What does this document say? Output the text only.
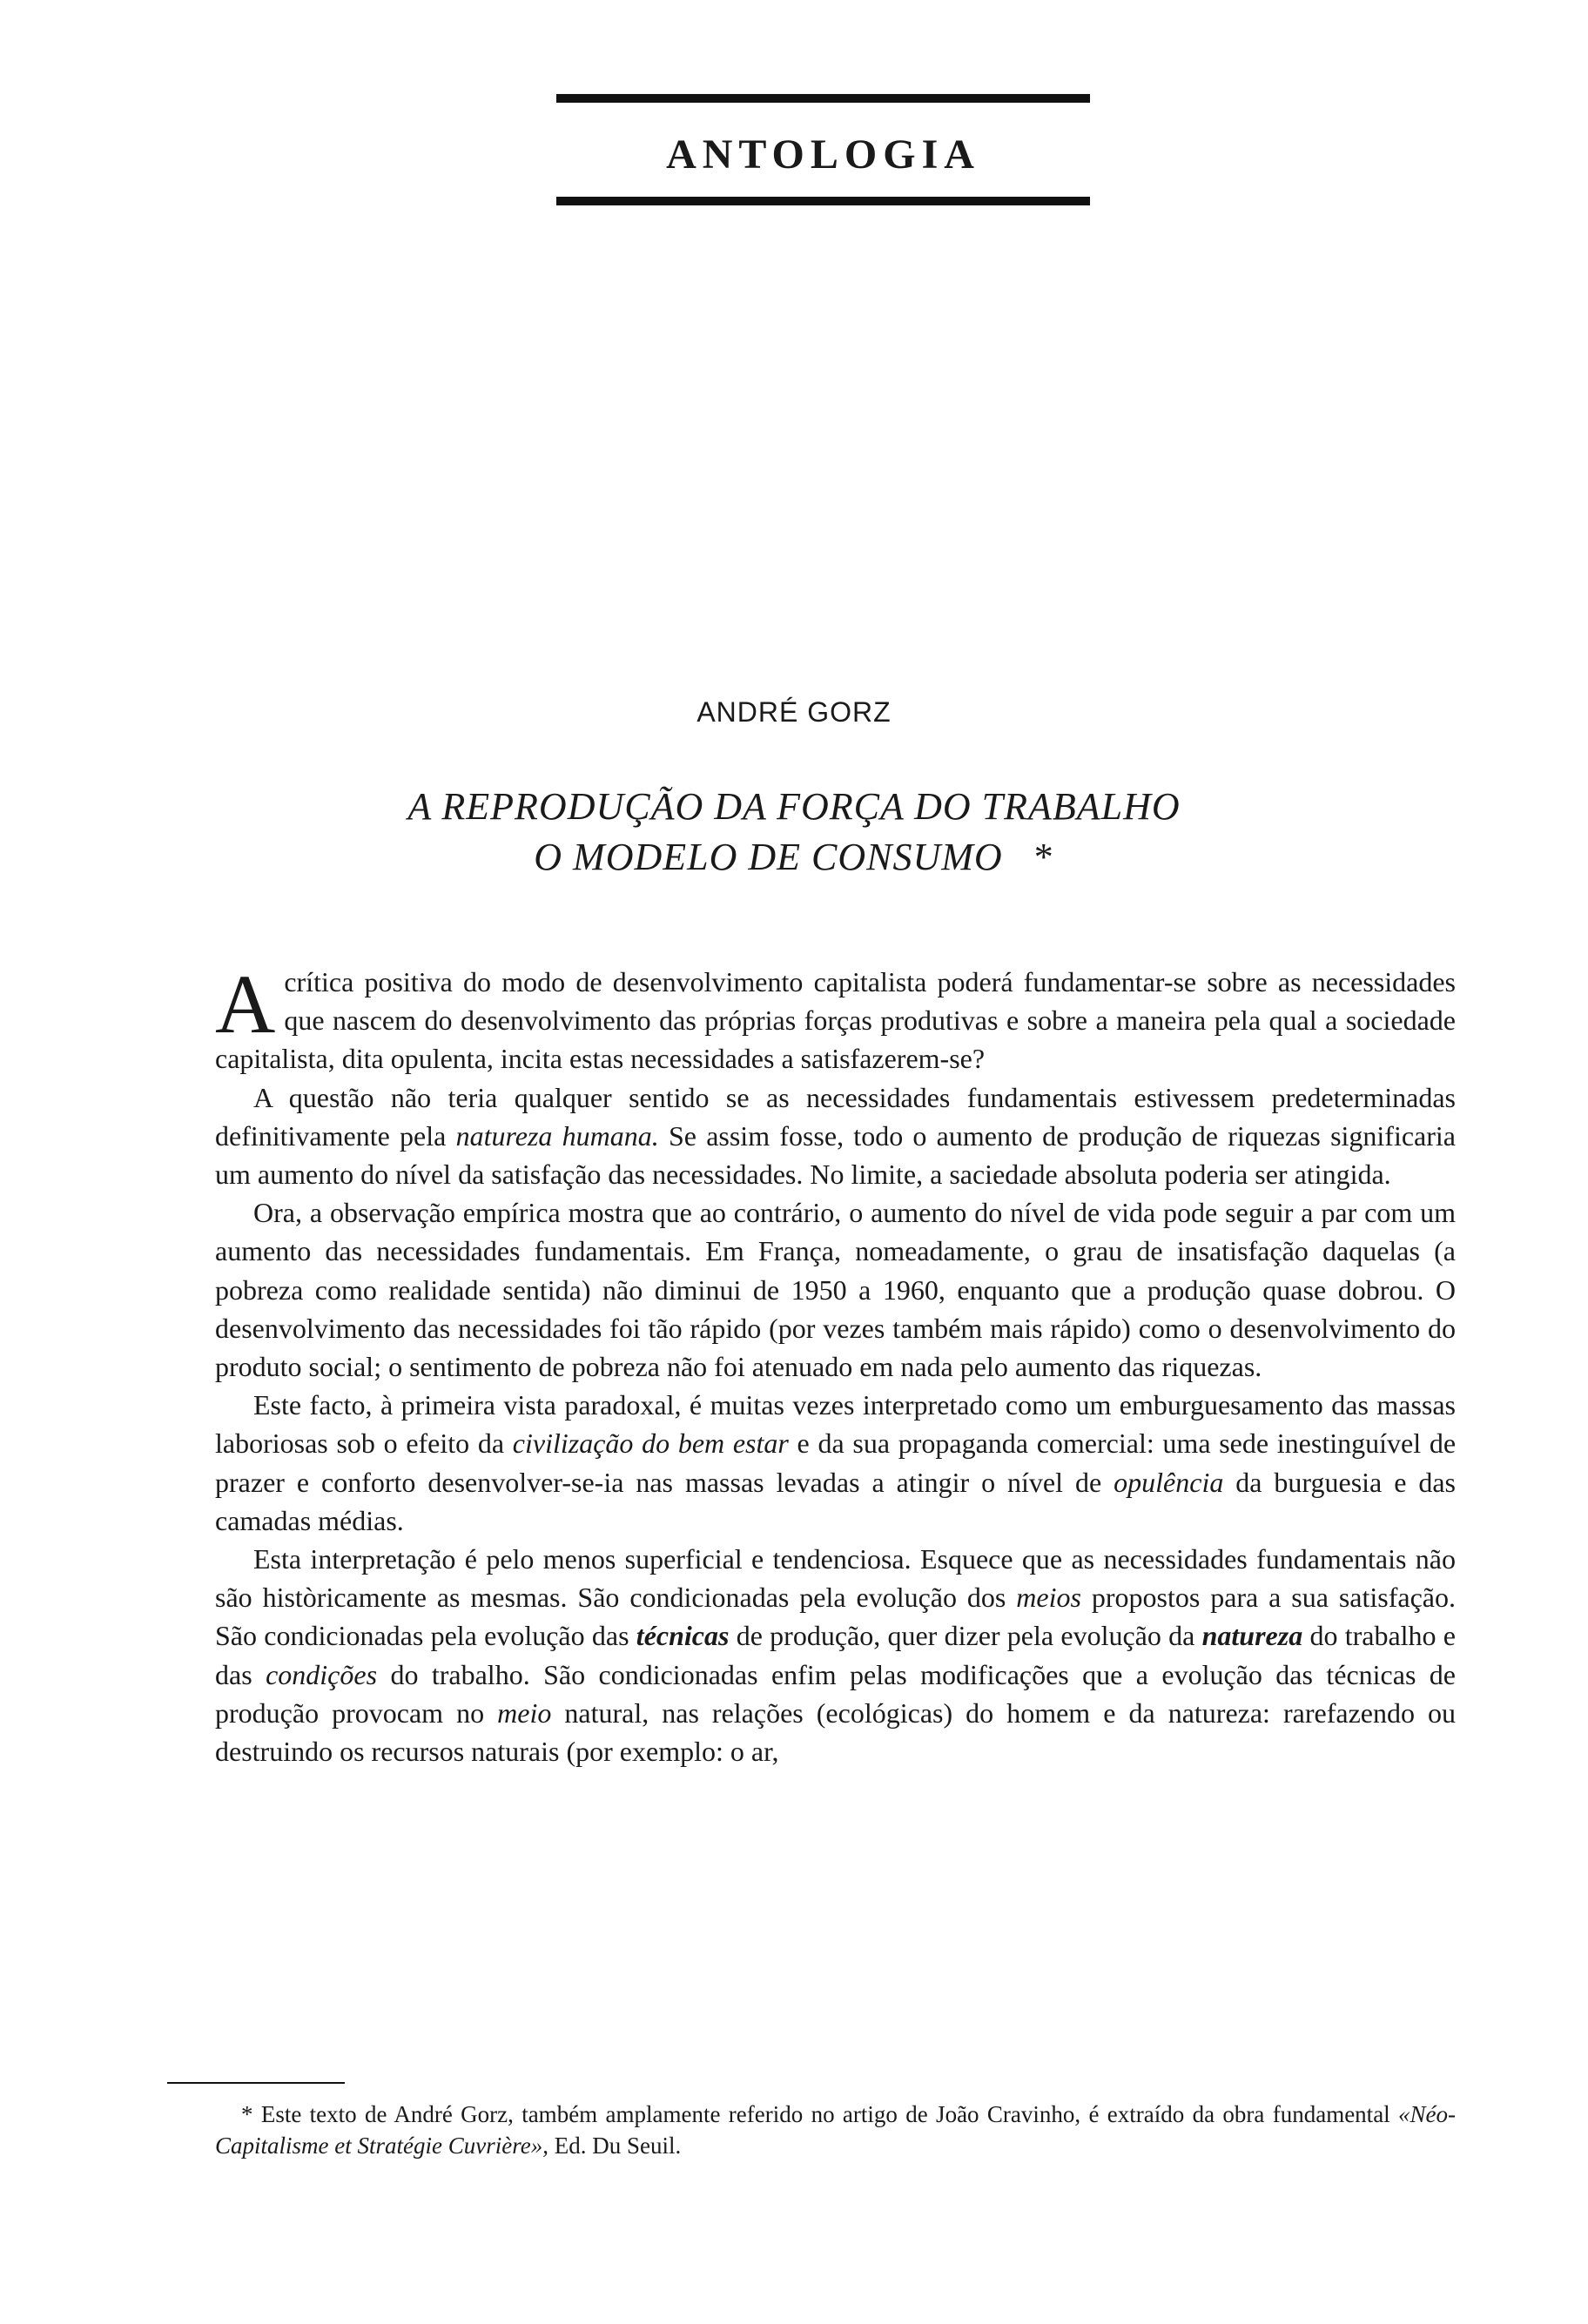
ANTOLOGIA
ANDRÉ GORZ
A REPRODUÇÃO DA FORÇA DO TRABALHO
O MODELO DE CONSUMO *

Acrítica positiva do modo de desenvolvimento capitalista poderá fundamentar-se sobre as necessidades que nascem do desenvolvimento das próprias forças produtivas e sobre a maneira pela qual a sociedade capitalista, dita opulenta, incita estas necessidades a satisfazerem-se?

A questão não teria qualquer sentido se as necessidades fundamentais estivessem predeterminadas definitivamente pela natureza humana. Se assim fosse, todo o aumento de produção de riquezas significaria um aumento do nível da satisfação das necessidades. No limite, a saciedade absoluta poderia ser atingida.

Ora, a observação empírica mostra que ao contrário, o aumento do nível de vida pode seguir a par com um aumento das necessidades fundamentais. Em França, nomeadamente, o grau de insatisfação daquelas (a pobreza como realidade sentida) não diminui de 1950 a 1960, enquanto que a produção quase dobrou. O desenvolvimento das necessidades foi tão rápido (por vezes também mais rápido) como o desenvolvimento do produto social; o sentimento de pobreza não foi atenuado em nada pelo aumento das riquezas.

Este facto, à primeira vista paradoxal, é muitas vezes interpretado como um emburguesamento das massas laboriosas sob o efeito da civilização do bem estar e da sua propaganda comercial: uma sede inestinguível de prazer e conforto desenvolver-se-ia nas massas levadas a atingir o nível de opulência da burguesia e das camadas médias.

Esta interpretação é pelo menos superficial e tendenciosa. Esquece que as necessidades fundamentais não são històricamente as mesmas. São condicionadas pela evolução dos meios propostos para a sua satisfação. São condicionadas pela evolução das técnicas de produção, quer dizer pela evolução da natureza do trabalho e das condições do trabalho. São condicionadas enfim pelas modificações que a evolução das técnicas de produção provocam no meio natural, nas relações (ecológicas) do homem e da natureza: rarefazendo ou destruindo os recursos naturais (por exemplo: o ar,

* Este texto de André Gorz, também amplamente referido no artigo de João Cravinho, é extraído da obra fundamental «Néo-Capitalisme et Stratégie Cuvrière», Ed. Du Seuil.
